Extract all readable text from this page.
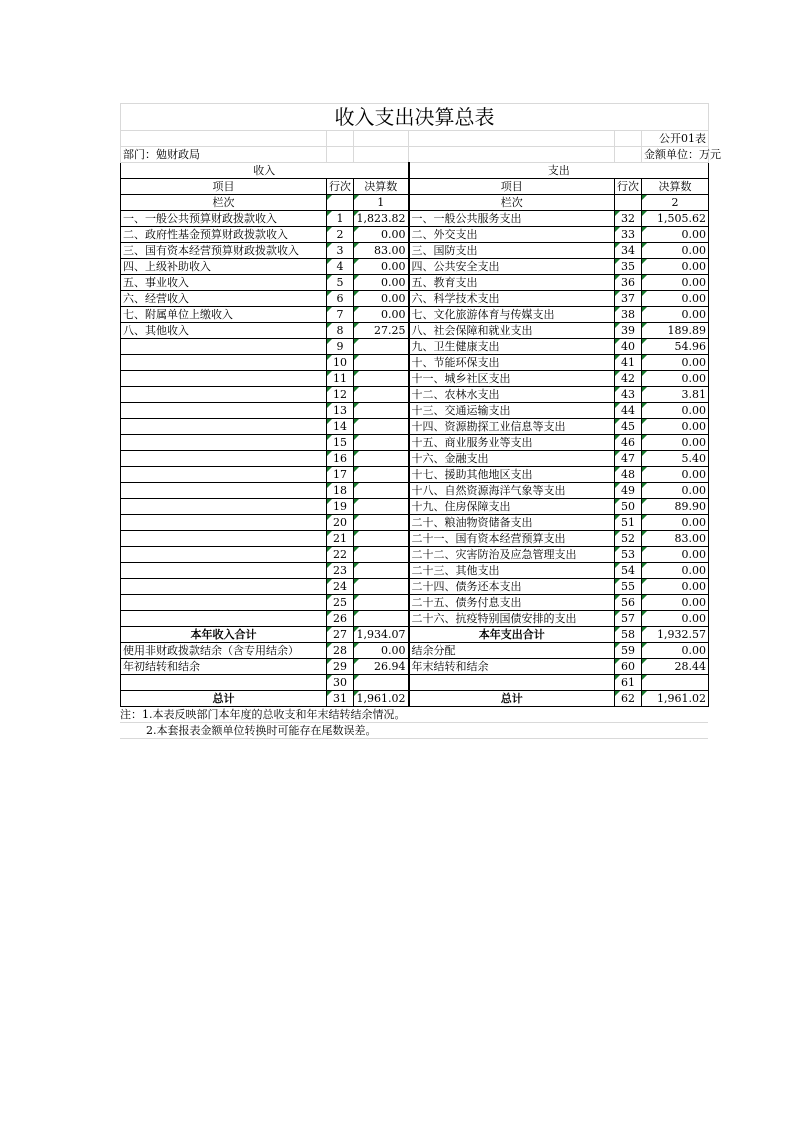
收入支出决算总表					
					公开01表
部门：勉财政局					金额单位：万元
收入			支出		
项目	行次	决算数	项目	行次	决算数
栏次		1	栏次		2
一、一般公共预算财政拨款收入	1	1,823.82	一、一般公共服务支出	32	1,505.62
二、政府性基金预算财政拨款收入	2	0.00	二、外交支出	33	0.00
三、国有资本经营预算财政拨款收入	3	83.00	三、国防支出	34	0.00
四、上级补助收入	4	0.00	四、公共安全支出	35	0.00
五、事业收入	5	0.00	五、教育支出	36	0.00
六、经营收入	6	0.00	六、科学技术支出	37	0.00
七、附属单位上缴收入	7	0.00	七、文化旅游体育与传媒支出	38	0.00
八、其他收入	8	27.25	八、社会保障和就业支出	39	189.89
	9		九、卫生健康支出	40	54.96
	10		十、节能环保支出	41	0.00
	11		十一、城乡社区支出	42	0.00
	12		十二、农林水支出	43	3.81
	13		十三、交通运输支出	44	0.00
	14		十四、资源勘探工业信息等支出	45	0.00
	15		十五、商业服务业等支出	46	0.00
	16		十六、金融支出	47	5.40
	17		十七、援助其他地区支出	48	0.00
	18		十八、自然资源海洋气象等支出	49	0.00
	19		十九、住房保障支出	50	89.90
	20		二十、粮油物资储备支出	51	0.00
	21		二十一、国有资本经营预算支出	52	83.00
	22		二十二、灾害防治及应急管理支出	53	0.00
	23		二十三、其他支出	54	0.00
	24		二十四、债务还本支出	55	0.00
	25		二十五、债务付息支出	56	0.00
	26		二十六、抗疫特别国债安排的支出	57	0.00
本年收入合计	27	1,934.07	本年支出合计	58	1,932.57
使用非财政拨款结余（含专用结余）	28	0.00	结余分配	59	0.00
年初结转和结余	29	26.94	年末结转和结余	60	28.44
	30			61	
总计	31	1,961.02	总计	62	1,961.02
注：1.本表反映部门本年度的总收支和年末结转结余情况。
2.本套报表金额单位转换时可能存在尾数误差。
